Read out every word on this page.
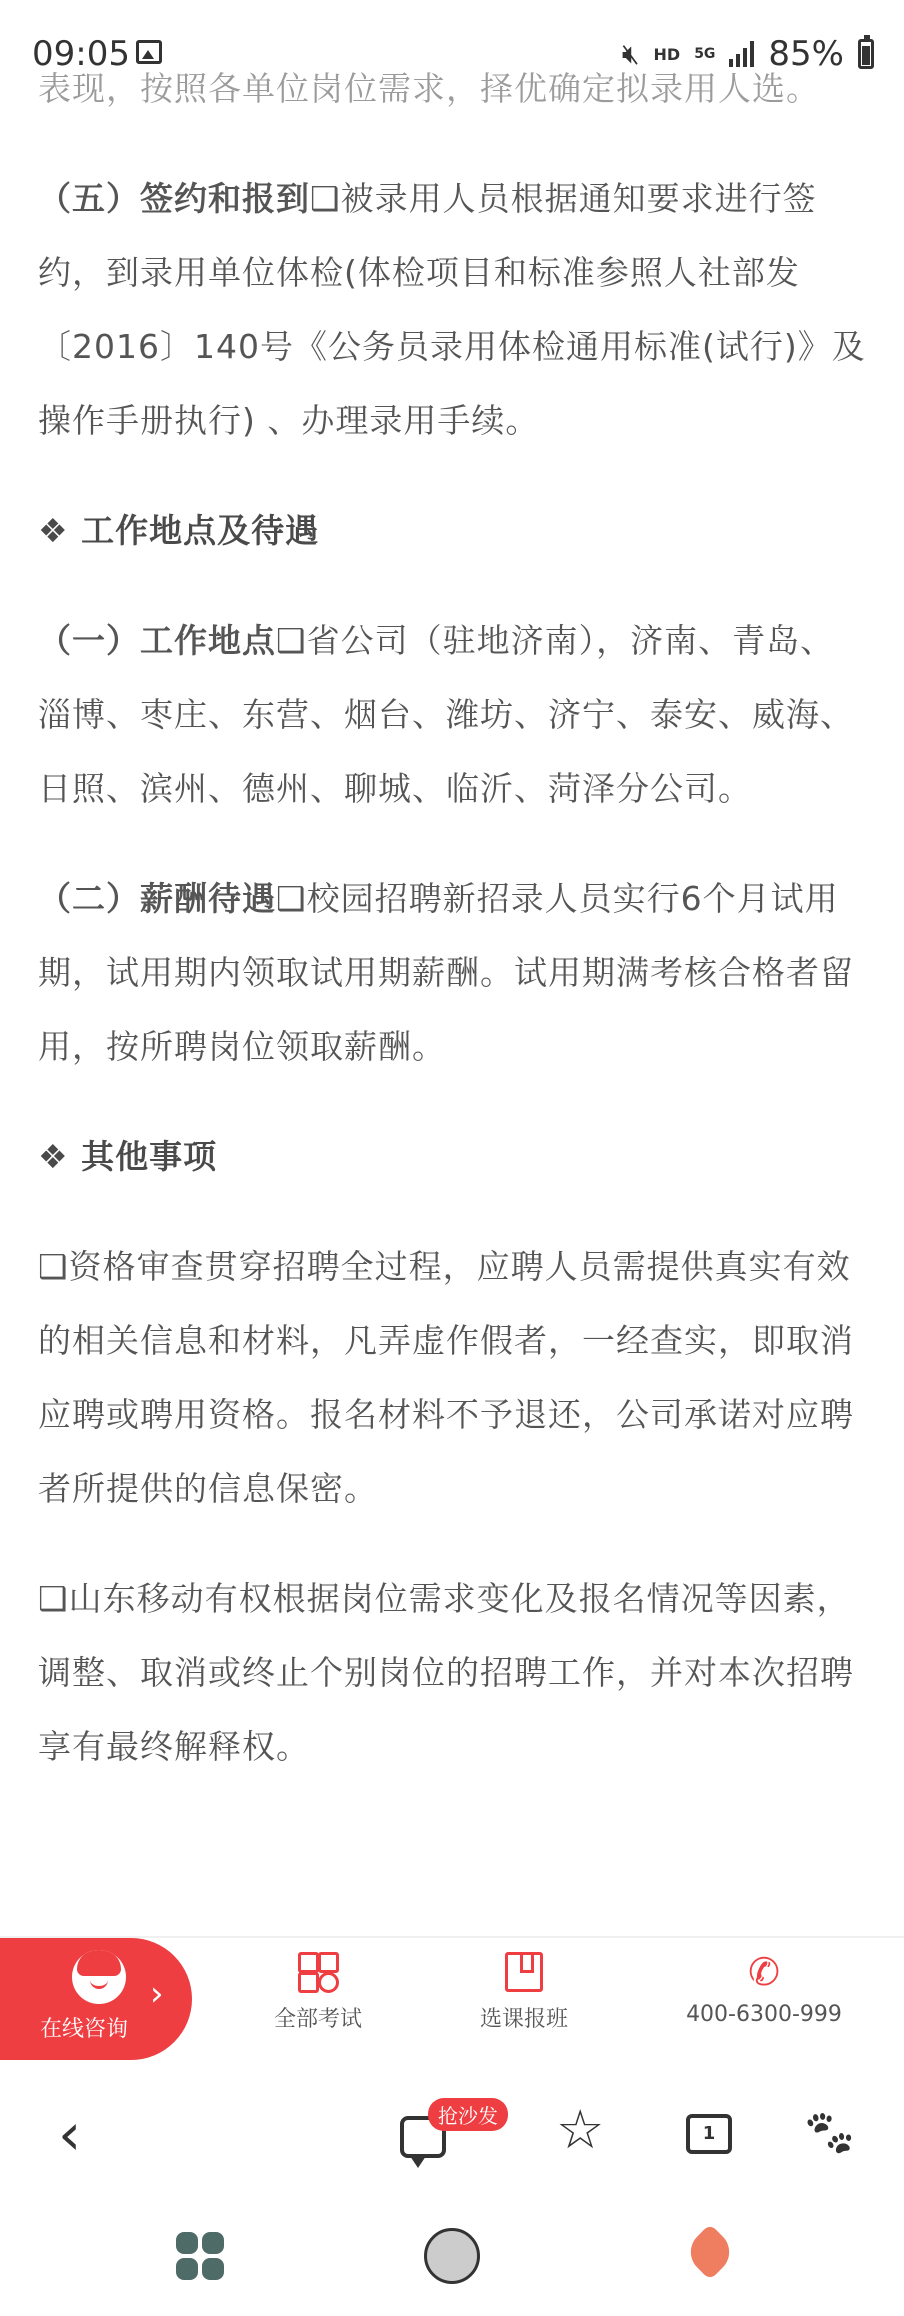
09:05	🔇︎ HD 5G 85%

表现，按照各单位岗位需求，择优确定拟录用人选。

（五）签约和报到❑被录用人员根据通知要求进行签约，到录用单位体检(体检项目和标准参照人社部发〔2016〕140号《公务员录用体检通用标准(试行)》及操作手册执行) 、办理录用手续。

❖ 工作地点及待遇

（一）工作地点❑省公司（驻地济南），济南、青岛、淄博、枣庄、东营、烟台、潍坊、济宁、泰安、威海、日照、滨州、德州、聊城、临沂、菏泽分公司。

（二）薪酬待遇❑校园招聘新招录人员实行6个月试用期，试用期内领取试用期薪酬。试用期满考核合格者留用，按所聘岗位领取薪酬。

❖ 其他事项

❑资格审查贯穿招聘全过程，应聘人员需提供真实有效的相关信息和材料，凡弄虚作假者，一经查实，即取消应聘或聘用资格。报名材料不予退还，公司承诺对应聘者所提供的信息保密。

❑山东移动有权根据岗位需求变化及报名情况等因素，调整、取消或终止个别岗位的招聘工作，并对本次招聘享有最终解释权。

在线咨询
›
全部考试	选课报班
✆
400-6300-999
‹	抢沙发 ☆	1	🐾︎
